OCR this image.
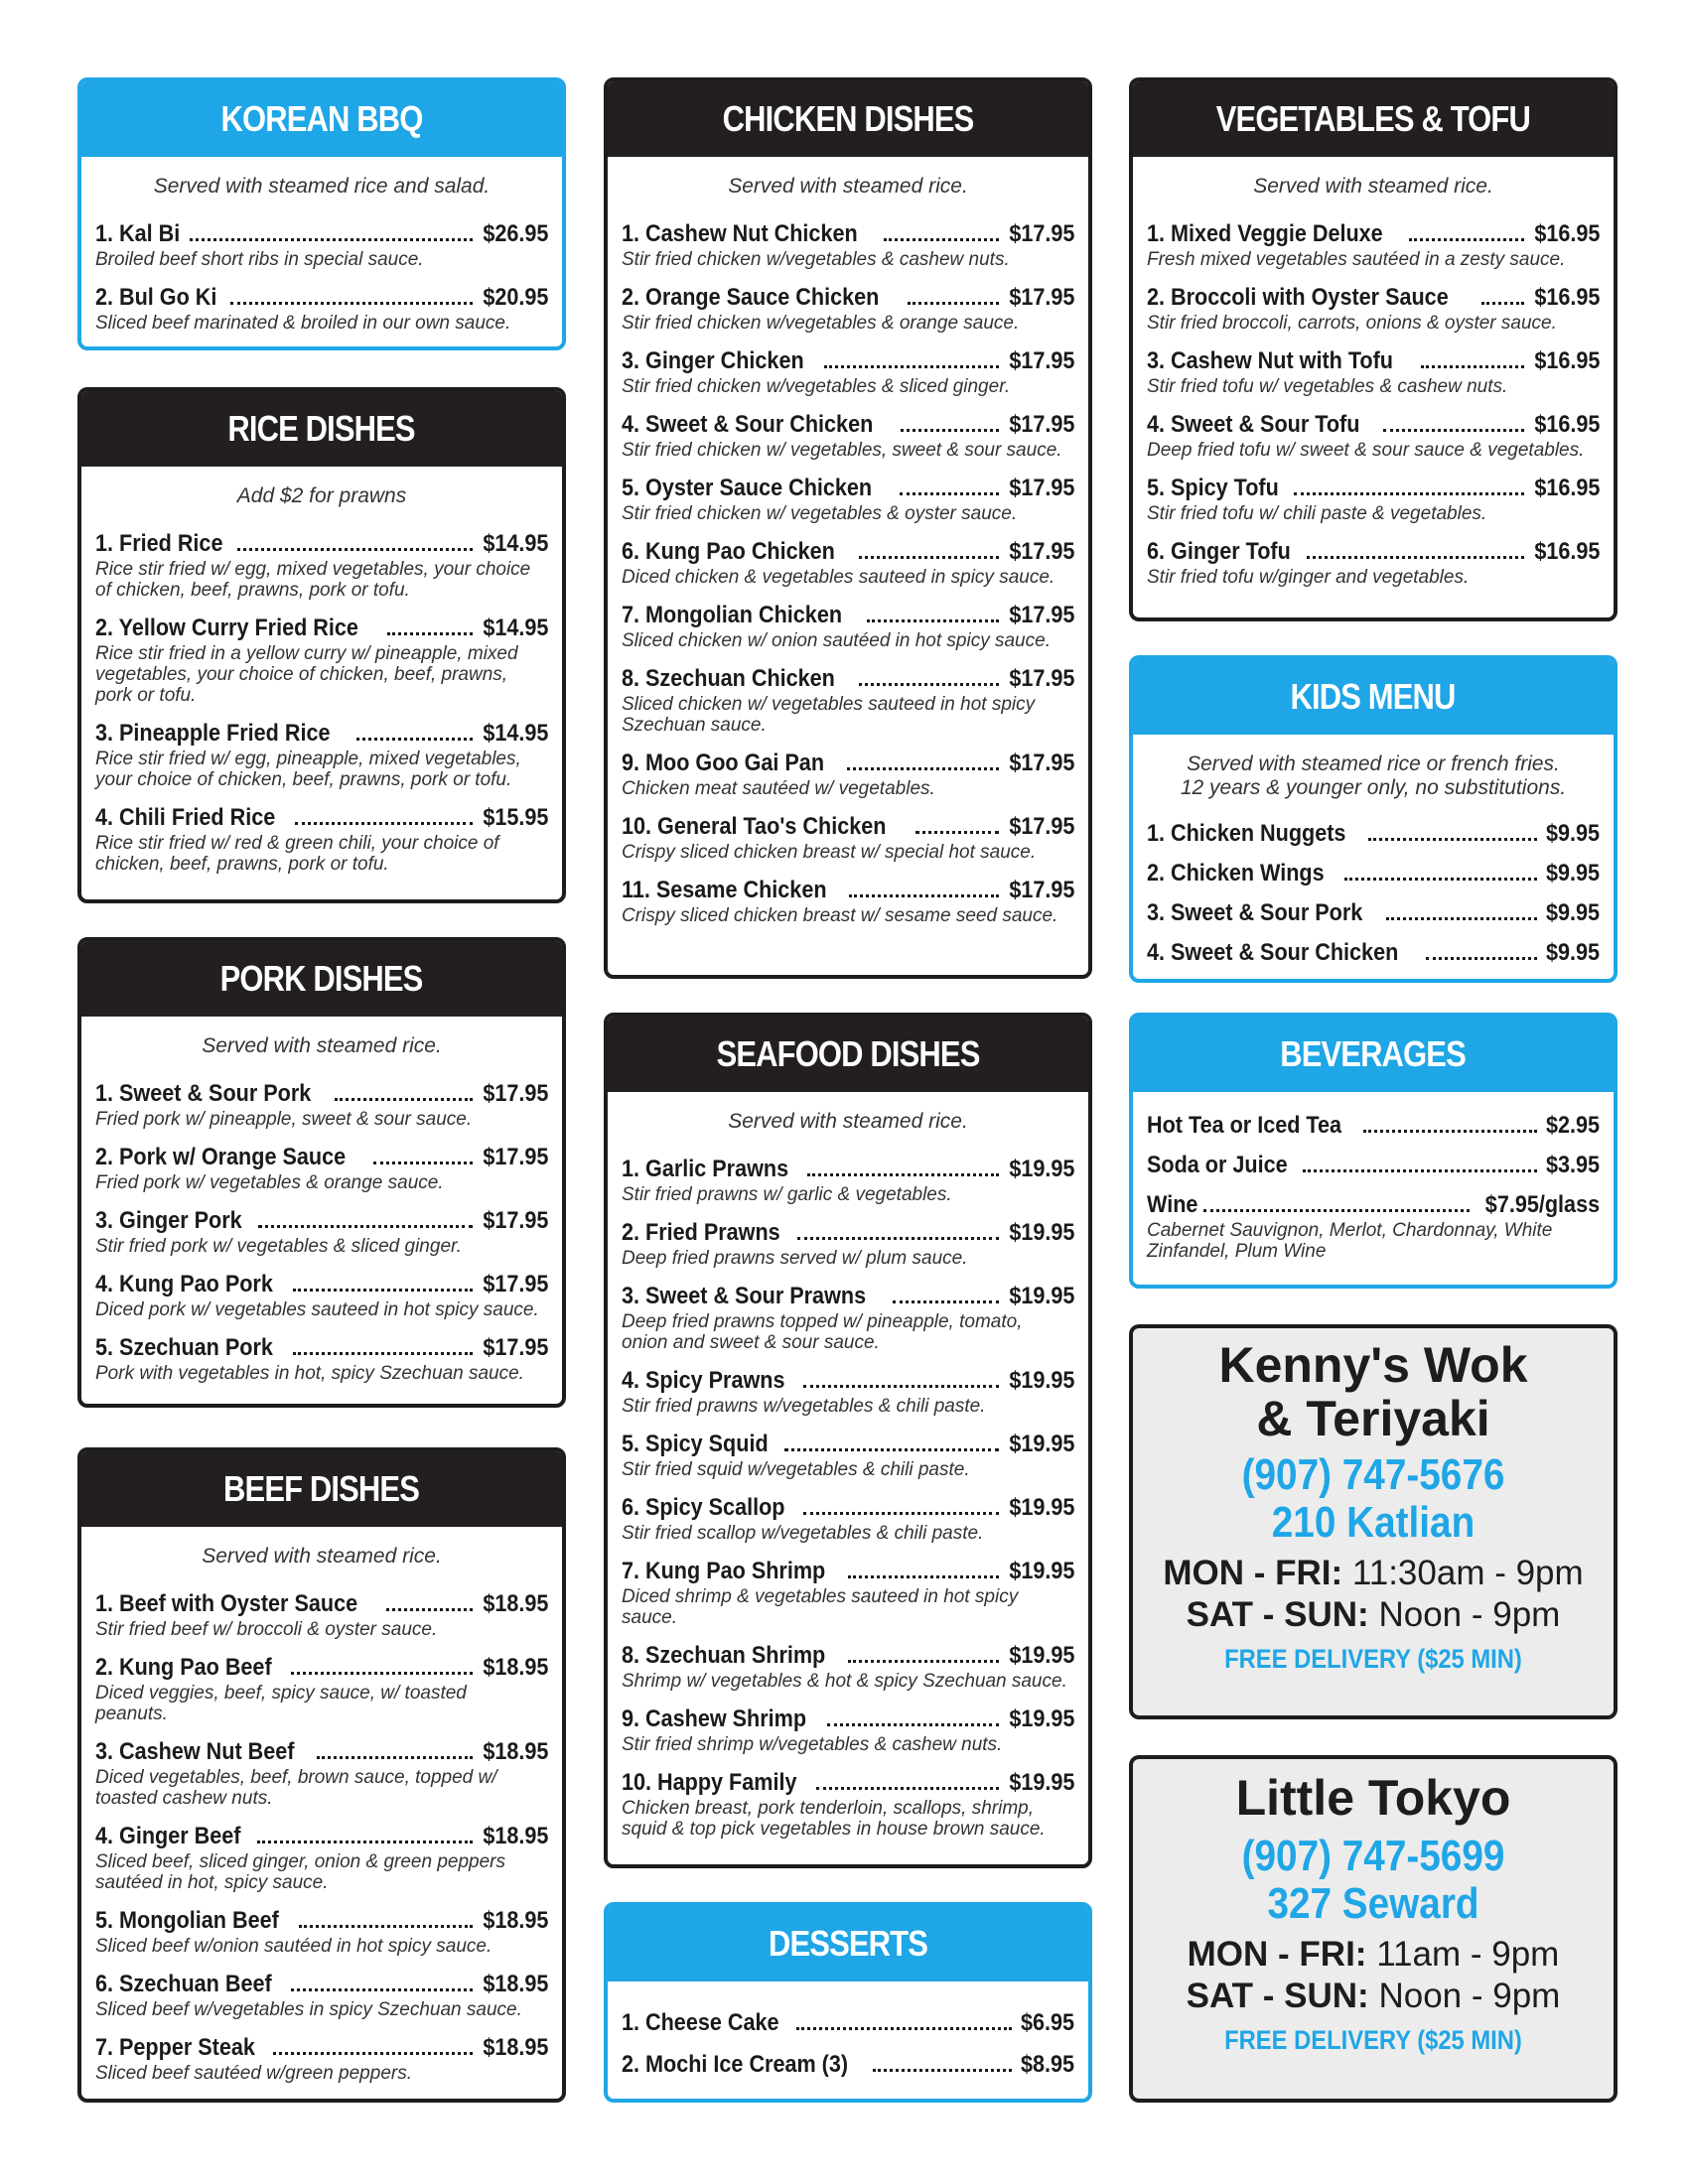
KOREAN BBQ
Served with steamed rice and salad.
1. Kal Bi	$26.95
Broiled beef short ribs in special sauce.
2. Bul Go Ki	$20.95
Sliced beef marinated & broiled in our own sauce.
RICE DISHES
Add $2 for prawns
1. Fried Rice	$14.95
Rice stir fried w/ egg, mixed vegetables, your choice of chicken, beef, prawns, pork or tofu.
2. Yellow Curry Fried Rice	$14.95
Rice stir fried in a yellow curry w/ pineapple, mixed vegetables, your choice of chicken, beef, prawns, pork or tofu.
3. Pineapple Fried Rice	$14.95
Rice stir fried w/ egg, pineapple, mixed vegetables, your choice of chicken, beef, prawns, pork or tofu.
4. Chili Fried Rice	$15.95
Rice stir fried w/ red & green chili, your choice of chicken, beef, prawns, pork or tofu.
PORK DISHES
Served with steamed rice.
1. Sweet & Sour Pork	$17.95
Fried pork w/ pineapple, sweet & sour sauce.
2. Pork w/ Orange Sauce	$17.95
Fried pork w/ vegetables & orange sauce.
3. Ginger Pork	$17.95
Stir fried pork w/ vegetables & sliced ginger.
4. Kung Pao Pork	$17.95
Diced pork w/ vegetables sauteed in hot spicy sauce.
5. Szechuan Pork	$17.95
Pork with vegetables in hot, spicy Szechuan sauce.
BEEF DISHES
Served with steamed rice.
1. Beef with Oyster Sauce	$18.95
Stir fried beef w/ broccoli & oyster sauce.
2. Kung Pao Beef	$18.95
Diced veggies, beef, spicy sauce, w/ toasted peanuts.
3. Cashew Nut Beef	$18.95
Diced vegetables, beef, brown sauce, topped w/ toasted cashew nuts.
4. Ginger Beef	$18.95
Sliced beef, sliced ginger, onion & green peppers sautéed in hot, spicy sauce.
5. Mongolian Beef	$18.95
Sliced beef w/onion sautéed in hot spicy sauce.
6. Szechuan Beef	$18.95
Sliced beef w/vegetables in spicy Szechuan sauce.
7. Pepper Steak	$18.95
Sliced beef sautéed w/green peppers.
CHICKEN DISHES
Served with steamed rice.
1. Cashew Nut Chicken	$17.95
Stir fried chicken w/vegetables & cashew nuts.
2. Orange Sauce Chicken	$17.95
Stir fried chicken w/vegetables & orange sauce.
3. Ginger Chicken	$17.95
Stir fried chicken w/vegetables & sliced ginger.
4. Sweet & Sour Chicken	$17.95
Stir fried chicken w/ vegetables, sweet & sour sauce.
5. Oyster Sauce Chicken	$17.95
Stir fried chicken w/ vegetables & oyster sauce.
6. Kung Pao Chicken	$17.95
Diced chicken & vegetables sauteed in spicy sauce.
7. Mongolian Chicken	$17.95
Sliced chicken w/ onion sautéed in hot spicy sauce.
8. Szechuan Chicken	$17.95
Sliced chicken w/ vegetables sauteed in hot spicy Szechuan sauce.
9. Moo Goo Gai Pan	$17.95
Chicken meat sautéed w/ vegetables.
10. General Tao's Chicken	$17.95
Crispy sliced chicken breast w/ special hot sauce.
11. Sesame Chicken	$17.95
Crispy sliced chicken breast w/ sesame seed sauce.
SEAFOOD DISHES
Served with steamed rice.
1. Garlic Prawns	$19.95
Stir fried prawns w/ garlic & vegetables.
2. Fried Prawns	$19.95
Deep fried prawns served w/ plum sauce.
3. Sweet & Sour Prawns	$19.95
Deep fried prawns topped w/ pineapple, tomato, onion and sweet & sour sauce.
4. Spicy Prawns	$19.95
Stir fried prawns w/vegetables & chili paste.
5. Spicy Squid	$19.95
Stir fried squid w/vegetables & chili paste.
6. Spicy Scallop	$19.95
Stir fried scallop w/vegetables & chili paste.
7. Kung Pao Shrimp	$19.95
Diced shrimp & vegetables sauteed in hot spicy sauce.
8. Szechuan Shrimp	$19.95
Shrimp w/ vegetables & hot & spicy Szechuan sauce.
9. Cashew Shrimp	$19.95
Stir fried shrimp w/vegetables & cashew nuts.
10. Happy Family	$19.95
Chicken breast, pork tenderloin, scallops, shrimp, squid & top pick vegetables in house brown sauce.
DESSERTS
1. Cheese Cake	$6.95
2. Mochi Ice Cream (3)	$8.95
VEGETABLES & TOFU
Served with steamed rice.
1. Mixed Veggie Deluxe	$16.95
Fresh mixed vegetables sautéed in a zesty sauce.
2. Broccoli with Oyster Sauce	$16.95
Stir fried broccoli, carrots, onions & oyster sauce.
3. Cashew Nut with Tofu	$16.95
Stir fried tofu w/ vegetables & cashew nuts.
4. Sweet & Sour Tofu	$16.95
Deep fried tofu w/ sweet & sour sauce & vegetables.
5. Spicy Tofu	$16.95
Stir fried tofu w/ chili paste & vegetables.
6. Ginger Tofu	$16.95
Stir fried tofu w/ginger and vegetables.
KIDS MENU
Served with steamed rice or french fries.
12 years & younger only, no substitutions.
1. Chicken Nuggets	$9.95
2. Chicken Wings	$9.95
3. Sweet & Sour Pork	$9.95
4. Sweet & Sour Chicken	$9.95
BEVERAGES
Hot Tea or Iced Tea	$2.95
Soda or Juice	$3.95
Wine	$7.95/glass
Cabernet Sauvignon, Merlot, Chardonnay, White Zinfandel, Plum Wine
Kenny's Wok
& Teriyaki
(907) 747-5676
210 Katlian
MON - FRI: 11:30am - 9pm
SAT - SUN: Noon - 9pm
FREE DELIVERY ($25 MIN)
Little Tokyo
(907) 747-5699
327 Seward
MON - FRI: 11am - 9pm
SAT - SUN: Noon - 9pm
FREE DELIVERY ($25 MIN)
